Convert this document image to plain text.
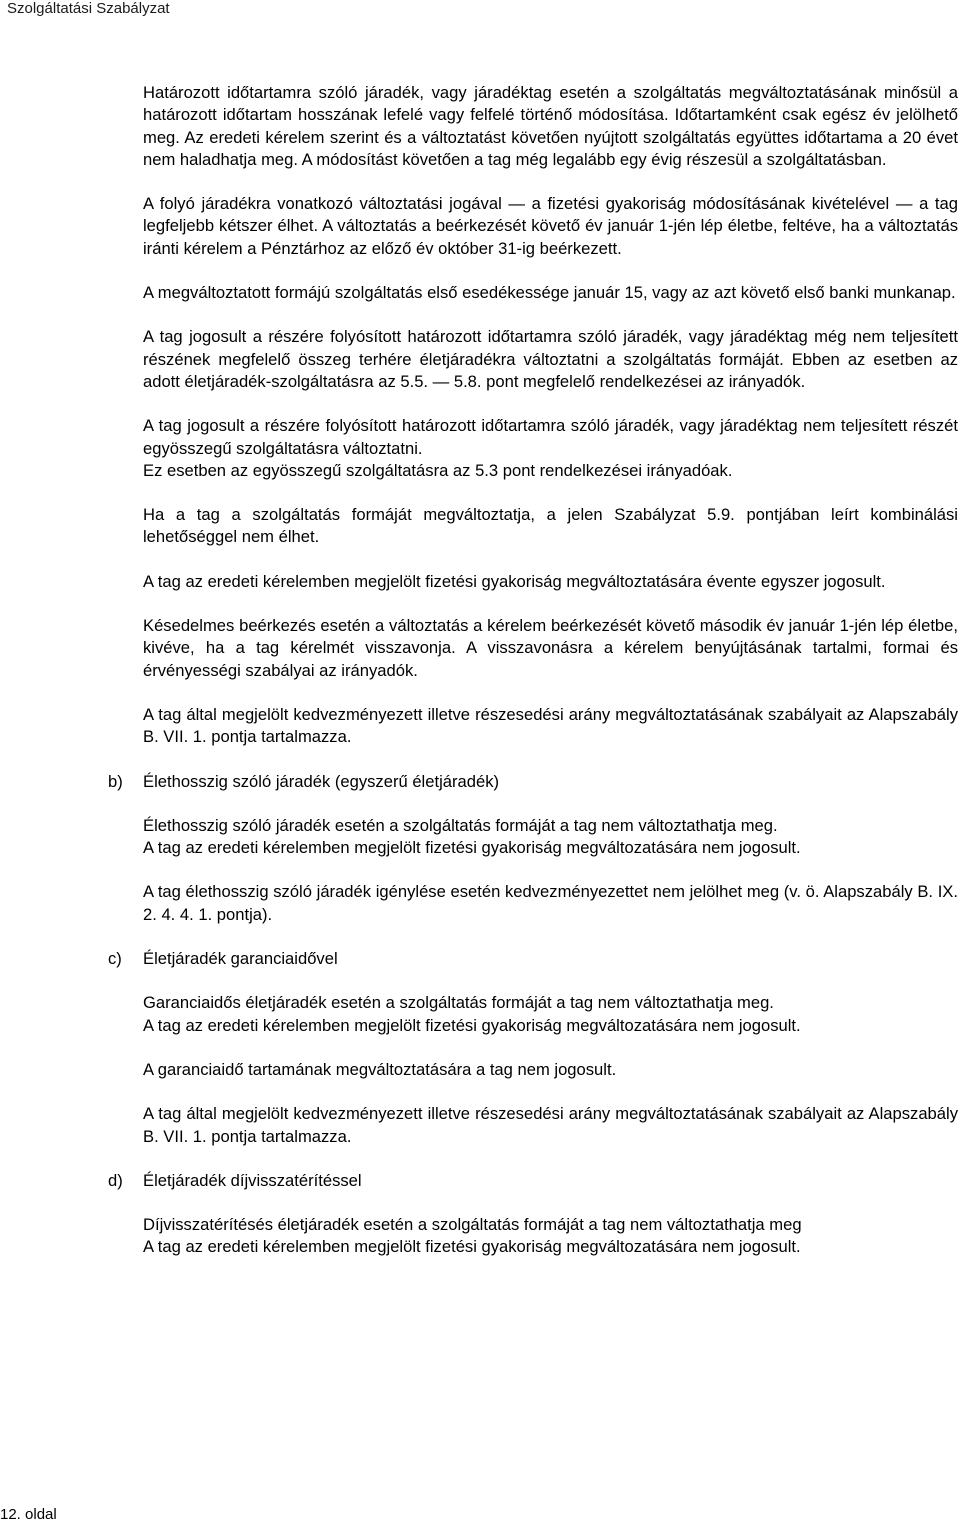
Szolgáltatási Szabályzat

Határozott időtartamra szóló járadék, vagy járadéktag esetén a szolgáltatás megváltoztatásának minősül a határozott időtartam hosszának lefelé vagy felfelé történő módosítása. Időtartamként csak egész év jelölhető meg. Az eredeti kérelem szerint és a változtatást követően nyújtott szolgáltatás együttes időtartama a 20 évet nem haladhatja meg. A módosítást követően a tag még legalább egy évig részesül a szolgáltatásban.

A folyó járadékra vonatkozó változtatási jogával — a fizetési gyakoriság módosításának kivételével — a tag legfeljebb kétszer élhet. A változtatás a beérkezését követő év január 1-jén lép életbe, feltéve, ha a változtatás iránti kérelem a Pénztárhoz az előző év október 31-ig beérkezett.

A megváltoztatott formájú szolgáltatás első esedékessége január 15, vagy az azt követő első banki munkanap.

A tag jogosult a részére folyósított határozott időtartamra szóló járadék, vagy járadéktag még nem teljesített részének megfelelő összeg terhére életjáradékra változtatni a szolgáltatás formáját. Ebben az esetben az adott életjáradék-szolgáltatásra az 5.5. — 5.8. pont megfelelő rendelkezései az irányadók.

A tag jogosult a részére folyósított határozott időtartamra szóló járadék, vagy járadéktag nem teljesített részét egyösszegű szolgáltatásra változtatni.

Ez esetben az egyösszegű szolgáltatásra az 5.3 pont rendelkezései irányadóak.

Ha a tag a szolgáltatás formáját megváltoztatja, a jelen Szabályzat 5.9. pontjában leírt kombinálási lehetőséggel nem élhet.

A tag az eredeti kérelemben megjelölt fizetési gyakoriság megváltoztatására évente egyszer jogosult.

Késedelmes beérkezés esetén a változtatás a kérelem beérkezését követő második év január 1-jén lép életbe, kivéve, ha a tag kérelmét visszavonja. A visszavonásra a kérelem benyújtásának tartalmi, formai és érvényességi szabályai az irányadók.

A tag által megjelölt kedvezményezett illetve részesedési arány megváltoztatásának szabályait az Alapszabály B. VII. 1. pontja tartalmazza.

b) Élethosszig szóló járadék (egyszerű életjáradék)

Élethosszig szóló járadék esetén a szolgáltatás formáját a tag nem változtathatja meg.

A tag az eredeti kérelemben megjelölt fizetési gyakoriság megváltozatására nem jogosult.

A tag élethosszig szóló járadék igénylése esetén kedvezményezettet nem jelölhet meg (v. ö. Alapszabály B. IX. 2. 4. 4. 1. pontja).

c) Életjáradék garanciaidővel

Garanciaidős életjáradék esetén a szolgáltatás formáját a tag nem változtathatja meg.

A tag az eredeti kérelemben megjelölt fizetési gyakoriság megváltozatására nem jogosult.

A garanciaidő tartamának megváltoztatására a tag nem jogosult.

A tag által megjelölt kedvezményezett illetve részesedési arány megváltoztatásának szabályait az Alapszabály B. VII. 1. pontja tartalmazza.

d) Életjáradék díjvisszatérítéssel

Díjvisszatérítésés életjáradék esetén a szolgáltatás formáját a tag nem változtathatja meg

A tag az eredeti kérelemben megjelölt fizetési gyakoriság megváltozatására nem jogosult.

12. oldal
